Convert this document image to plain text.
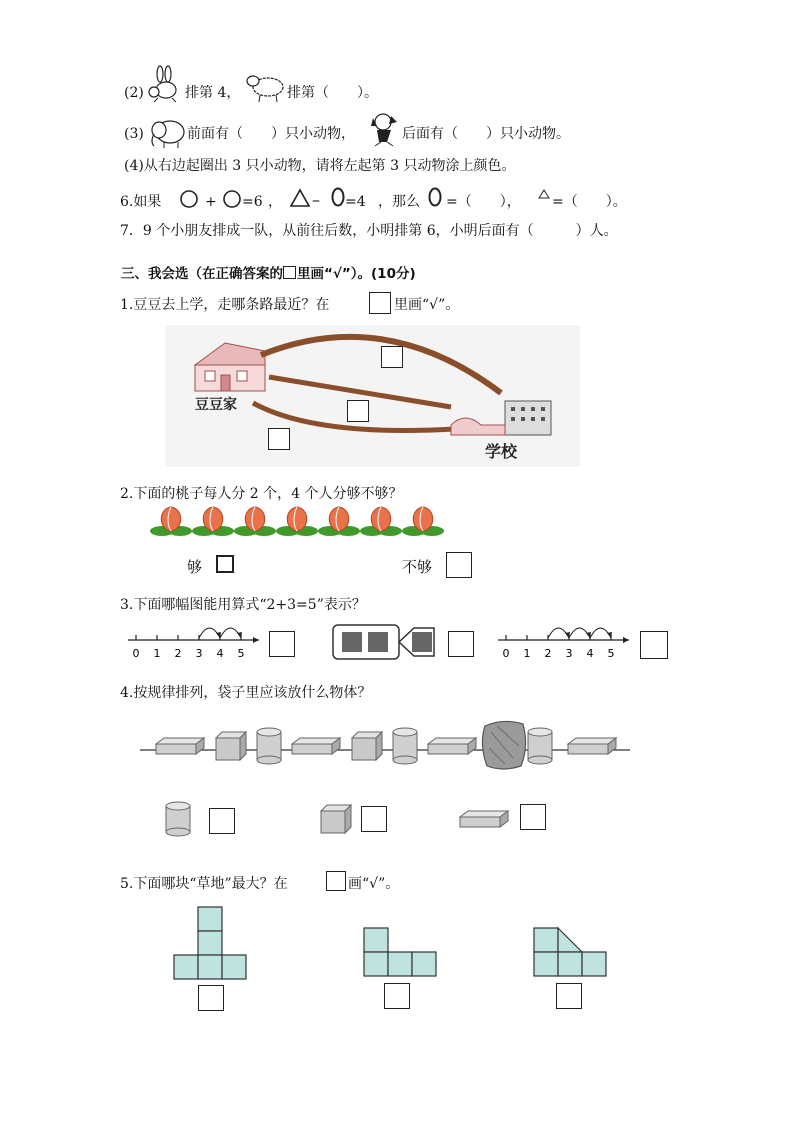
(2)	排第 4，	排第（　　）。
(3)	前面有（　　）只小动物，	后面有（　　）只小动物。
(4)从右边起圈出 3 只小动物，请将左起第 3 只动物涂上颜色。
6.如果	+ =6 ， – =4 ，那么 =（　　）， =（　　）。
7．9 个小朋友排成一队，从前往后数，小明排第 6，小明后面有（　　　）人。
三、我会选（在正确答案的 里画“√”）。(10分)
1.豆豆去上学，走哪条路最近？在	里画“√”。
豆豆家
学校
2.下面的桃子每人分 2 个，4 个人分够不够？
够	不够
3.下面哪幅图能用算式“2+3=5”表示？
0 1 2 3 4 5	0 1 2 3 4 5
4.按规律排列，袋子里应该放什么物体？
5.下面哪块“草地”最大？在	画“√”。
